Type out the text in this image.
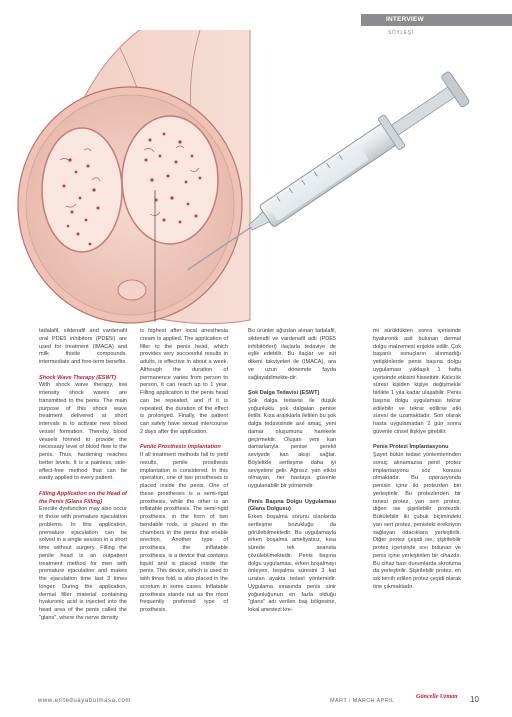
INTERVIEW
SÖYLEŞİ

tadalafil, sildenafil and vardenafil oral PDE5 inhibitors (PDE5i) are used for treatment (IMACA) and milk thistle compounds. intermediate and fore-term benefits.

Shock Wave Therapy (ESWT)

With shock wave therapy, low intensity shock waves are transmitted to the penis. The main purpose of this shock wave treatment delivered at short intervals is to activate new blood vessel formation. Thereby blood vessels formed to provide the necessary level of blood flow to the penis. Thus, hardening reaches better levels. It is a painless, side-effect-free method that can be easily applied to every patient.

Filling Application on the Head of the Penis (Glans Filling)

Erectile dysfunction may also occur in those with premature ejaculation problems. In this application, premature ejaculation can be solved in a single session in a short time without surgery. Filling the penile head is an outpatient treatment method for men with premature ejaculation and makes the ejaculation time last 3 times longer. During the application, dermal filler material containing hyaluronic acid is injected into the head area of the penis called the "glans", where the nerve density

is highest after local anesthesia cream is applied. The application of filler to the penis head, which provides very successful results in adults, is effective in about a week. Although the duration of permanence varies from person to person, it can reach up to 1 year. Filling application to the penis head can be repeated, and if it is repeated, the duration of the effect is prolonged. Finally, the patient can safely have sexual intercourse 2 days after the application.

Penile Prosthesis Implantation

If all treatment methods fail to yield results, penile prosthesis implantation is considered. In this operation, one of two prostheses is placed inside the penis. One of these prostheses is a semi-rigid prosthesis, while the other is an inflatable prosthesis. The semi-rigid prosthesis, in the form of two bendable rods, is placed in the chambers in the penis that enable erection. Another type of prosthesis, the inflatable prosthesis, is a device that contains liquid and is placed inside the penis. This device, which is used to with three fold, is also placed in the scrotum in some cases. Inflatable prosthesis stands out as the most frequently preferred type of prosthesis.

Bu ürünler ağızdan alınan tadalafil, sildenafil ve vardenafil adlı (PDE5 inhibitörleri) ilaçlarla tedaviye de eşlik edebilir. Bu ilaçlar ve süt dikeni takviyeleri ile (IMACA), ara ve uzun dönemde fayda sağlayabilmekte-dir.

Şok Dalga Tedavisi (ESWT)

Şok dalga tedavisi ile düşük yoğunluklu şok dalgaları penise iletilir. Kısa aralıklarla iletilen bu şok dalga tedavisinde asıl amaç, yeni damar oluşumunu harekete geçirmektir. Oluşan yeni kan damarlarıyla penise gerekli seviyede kan akışı sağlar. Böylelikle sertleşme daha iyi seviyelere gelir. Ağrısız, yan etkisi olmayan, her hastaya güvenle uygulanabilir bir yöntemdir.

Penis Başına Dolgu Uygulaması (Glans Dolgusu)

Erken boşalma sorunu olanlarda sertleşme bozukluğu da görülebilmektedir. Bu uygulamayla erken boşalma ameliyatsız, kısa sürede tek seansta çözülebilmektedir. Penis başına dolgu uygulaması, erken boşalmayı önleyen, boşalma süresini 3 kat uzatan ayakta tedavi yöntemidir. Uygulama sırasında penis sinir yoğunluğunun en fazla olduğu "glans" adı verilen baş bölgesine, lokal anestezi kre-

mi sürüldükten sonra içerisinde hyaluronik asit bulunan dermal dolgu malzemesi enjekte edilir. Çok başarılı sonuçların alınmadığı yetişkinlerde penis başına dolgu uygulaması yaklaşık 1 hafta içerisinde etkisini hissettirir. Kalıcılık süresi kişiden kişiye değişmekle birlikte 1 yıla kadar ulaşabilir. Penis başına dolgu uygulaması tekrar edilebilir ve tekrar edilirse etki süresi de uzamaktadır. Son olarak hasta uygulamadan 2 gün sonra güvenle cinsel ilişkiye girebilir.

Penis Protezi İmplantasyonu

Şayet bütün tedavi yöntemlerinden sonuç alınamazsa penil protez implantasyonu söz konusu olmaktadır. Bu operasyonda penisin içine iki protezden biri yerleştirilir. Bu protezlerden bir tanesi protez, yarı sert protez, diğeri ise şişirilebilir protezdir. Bükülebilir iki çubuk biçimindeki yarı sert protez, penisteki ereksiyon sağlayan odacıklara yerleştirilir. Diğer protez çeşidi ise, şişirilebilir protez içerisinde sıvı bulunan ve penis içine yerleştirilen bir cihazdır. Bu cihaz bazı durumlarda skrotuma da yerleştirilir. Şişirilebilir protez, en sık tercih edilen protez çeşidi olarak öne çıkmaktadır.

www.eriteduayabulmasa.com	MART / MARCH APRIL
Güncelle Uzman	10
